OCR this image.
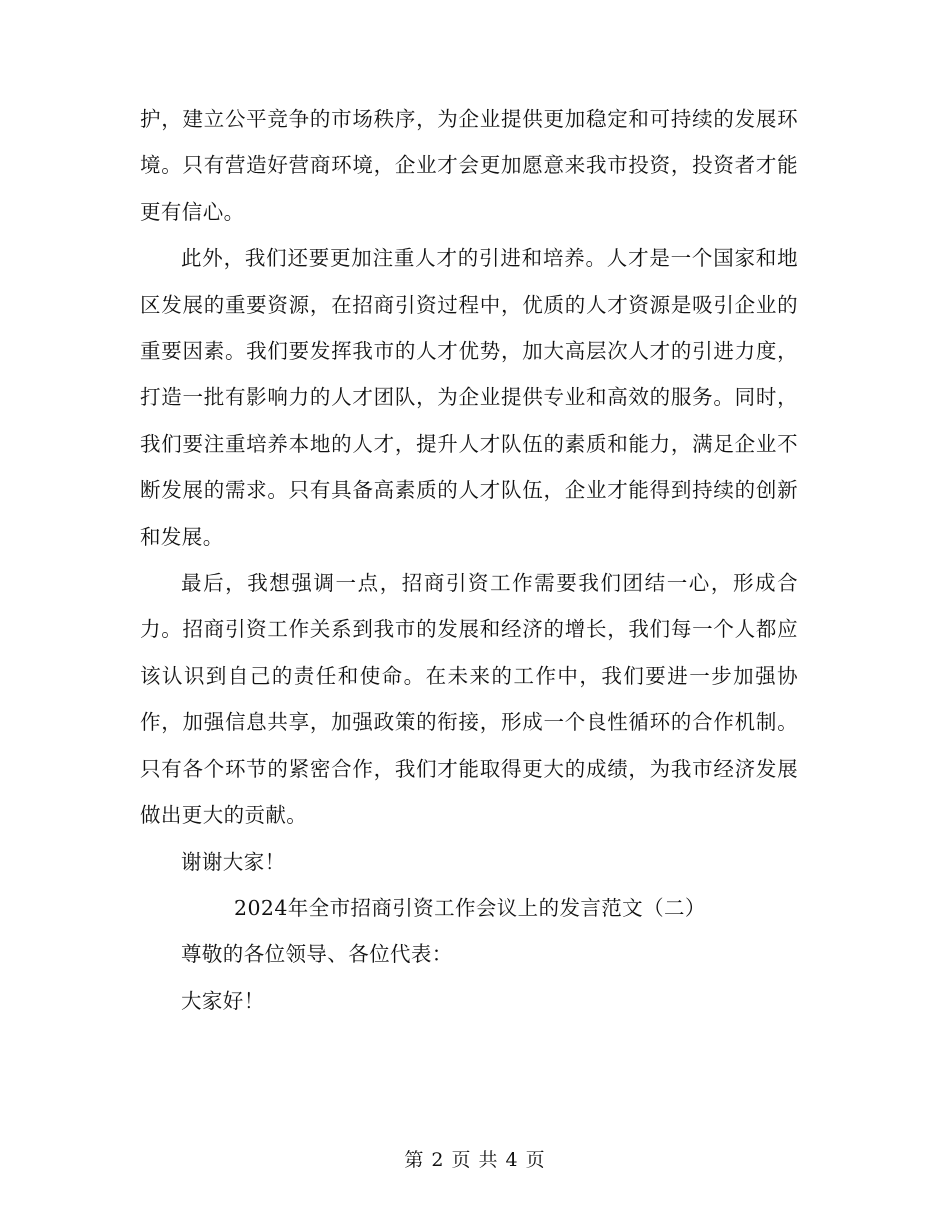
护，建立公平竞争的市场秩序，为企业提供更加稳定和可持续的发展环境。只有营造好营商环境，企业才会更加愿意来我市投资，投资者才能更有信心。

此外，我们还要更加注重人才的引进和培养。人才是一个国家和地区发展的重要资源，在招商引资过程中，优质的人才资源是吸引企业的重要因素。我们要发挥我市的人才优势，加大高层次人才的引进力度，打造一批有影响力的人才团队，为企业提供专业和高效的服务。同时，我们要注重培养本地的人才，提升人才队伍的素质和能力，满足企业不断发展的需求。只有具备高素质的人才队伍，企业才能得到持续的创新和发展。

最后，我想强调一点，招商引资工作需要我们团结一心，形成合力。招商引资工作关系到我市的发展和经济的增长，我们每一个人都应该认识到自己的责任和使命。在未来的工作中，我们要进一步加强协作，加强信息共享，加强政策的衔接，形成一个良性循环的合作机制。只有各个环节的紧密合作，我们才能取得更大的成绩，为我市经济发展做出更大的贡献。

谢谢大家！

2024年全市招商引资工作会议上的发言范文（二）

尊敬的各位领导、各位代表：

大家好！

第 2 页 共 4 页
